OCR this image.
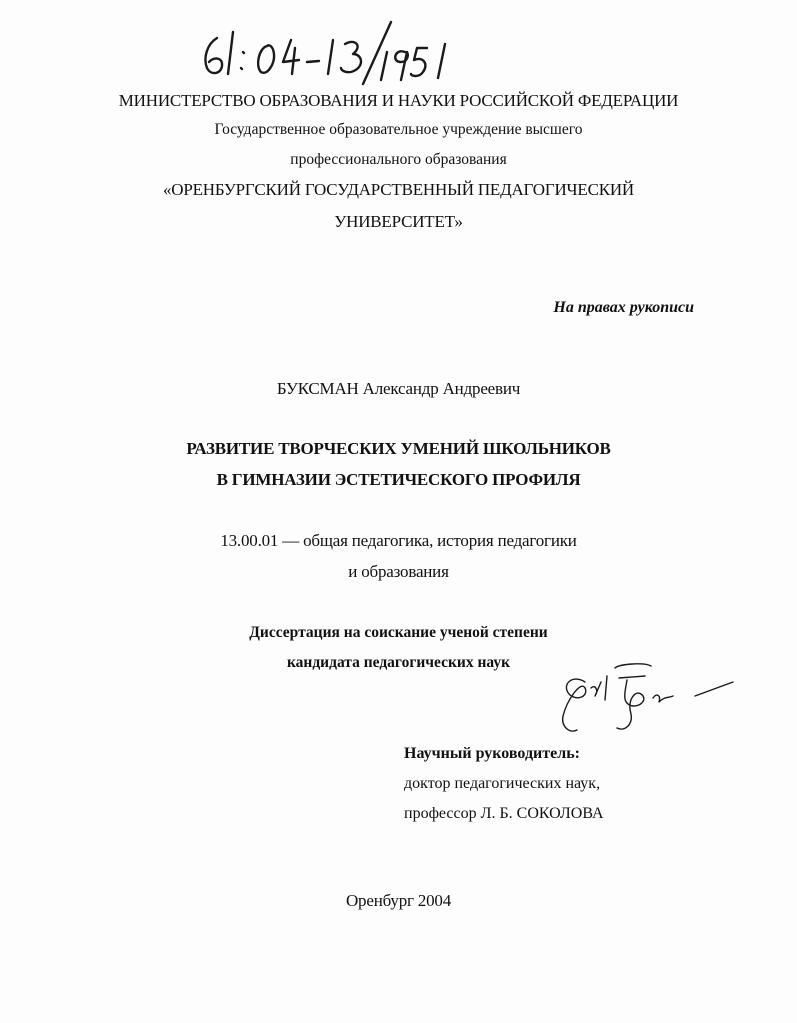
МИНИСТЕРСТВО ОБРАЗОВАНИЯ И НАУКИ РОССИЙСКОЙ ФЕДЕРАЦИИ
Государственное образовательное учреждение высшего
профессионального образования
«ОРЕНБУРГСКИЙ ГОСУДАРСТВЕННЫЙ ПЕДАГОГИЧЕСКИЙ
УНИВЕРСИТЕТ»
На правах рукописи
БУКСМАН Александр Андреевич
РАЗВИТИЕ ТВОРЧЕСКИХ УМЕНИЙ ШКОЛЬНИКОВ
В ГИМНАЗИИ ЭСТЕТИЧЕСКОГО ПРОФИЛЯ
13.00.01 — общая педагогика, история педагогики
и образования
Диссертация на соискание ученой степени
кандидата педагогических наук
Научный руководитель:
доктор педагогических наук,
профессор Л. Б. СОКОЛОВА
Оренбург 2004
